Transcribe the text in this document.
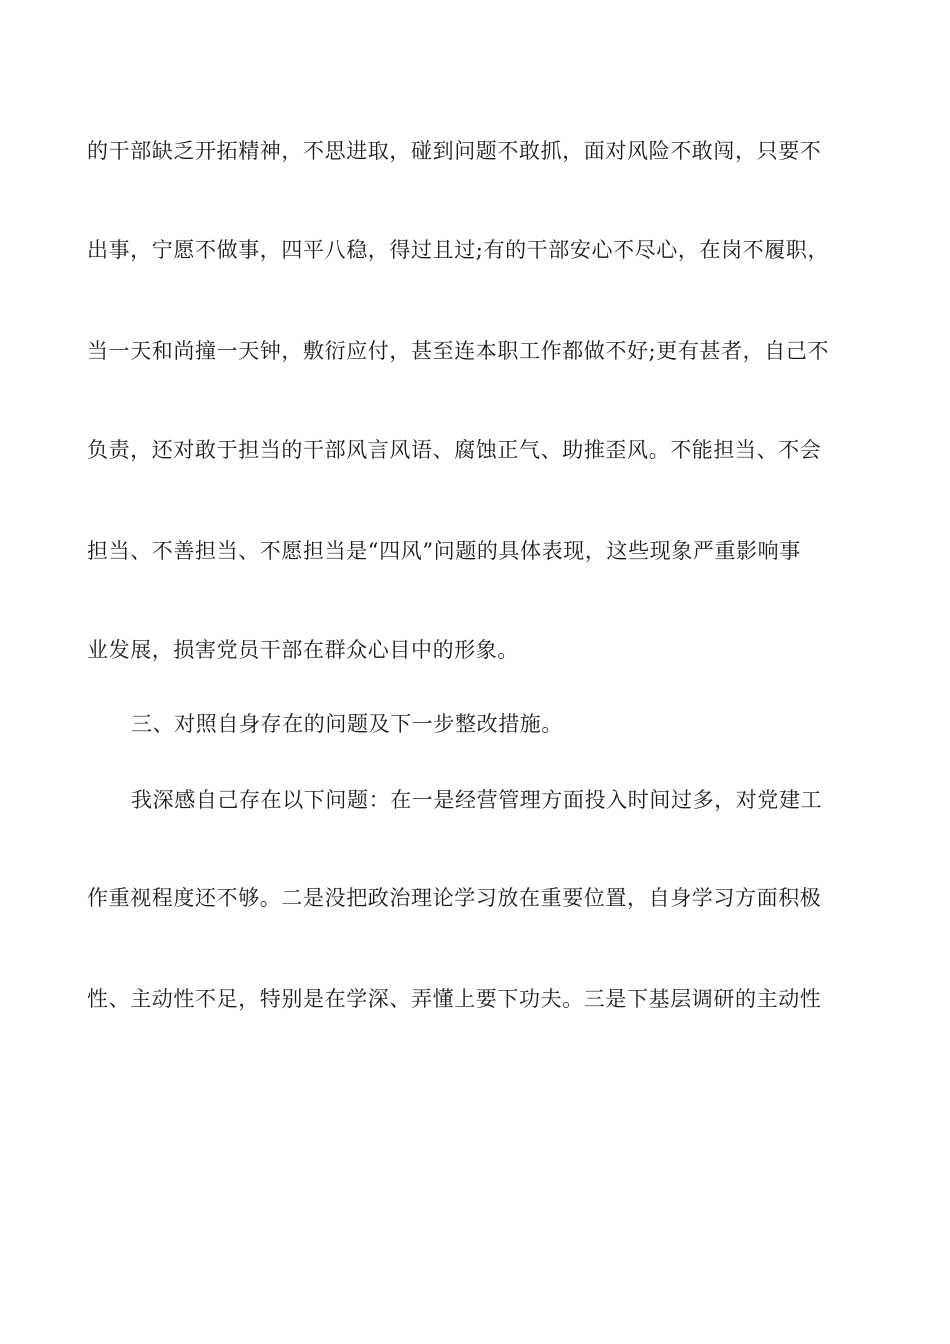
的干部缺乏开拓精神，不思进取，碰到问题不敢抓，面对风险不敢闯，只要不
出事，宁愿不做事，四平八稳，得过且过;有的干部安心不尽心，在岗不履职，
当一天和尚撞一天钟，敷衍应付，甚至连本职工作都做不好;更有甚者，自己不
负责，还对敢于担当的干部风言风语、腐蚀正气、助推歪风。不能担当、不会
担当、不善担当、不愿担当是“四风”问题的具体表现，这些现象严重影响事
业发展，损害党员干部在群众心目中的形象。
三、对照自身存在的问题及下一步整改措施。
我深感自己存在以下问题：在一是经营管理方面投入时间过多，对党建工
作重视程度还不够。二是没把政治理论学习放在重要位置，自身学习方面积极
性、主动性不足，特别是在学深、弄懂上要下功夫。三是下基层调研的主动性
